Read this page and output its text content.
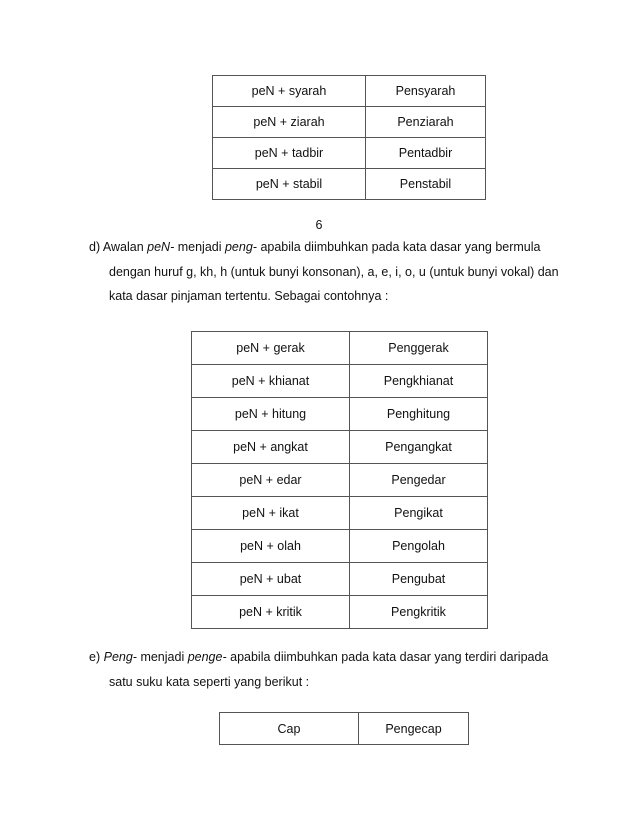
peN + syarah	Pensyarah
peN + ziarah	Penziarah
peN + tadbir	Pentadbir
peN + stabil	Penstabil
6
d) Awalan peN- menjadi peng- apabila diimbuhkan pada kata dasar yang bermula
dengan huruf g, kh, h (untuk bunyi konsonan), a, e, i, o, u (untuk bunyi vokal) dan
kata dasar pinjaman tertentu. Sebagai contohnya :
peN + gerak	Penggerak
peN + khianat	Pengkhianat
peN + hitung	Penghitung
peN + angkat	Pengangkat
peN + edar	Pengedar
peN + ikat	Pengikat
peN + olah	Pengolah
peN + ubat	Pengubat
peN + kritik	Pengkritik
e) Peng- menjadi penge- apabila diimbuhkan pada kata dasar yang terdiri daripada
satu suku kata seperti yang berikut :
Cap	Pengecap
